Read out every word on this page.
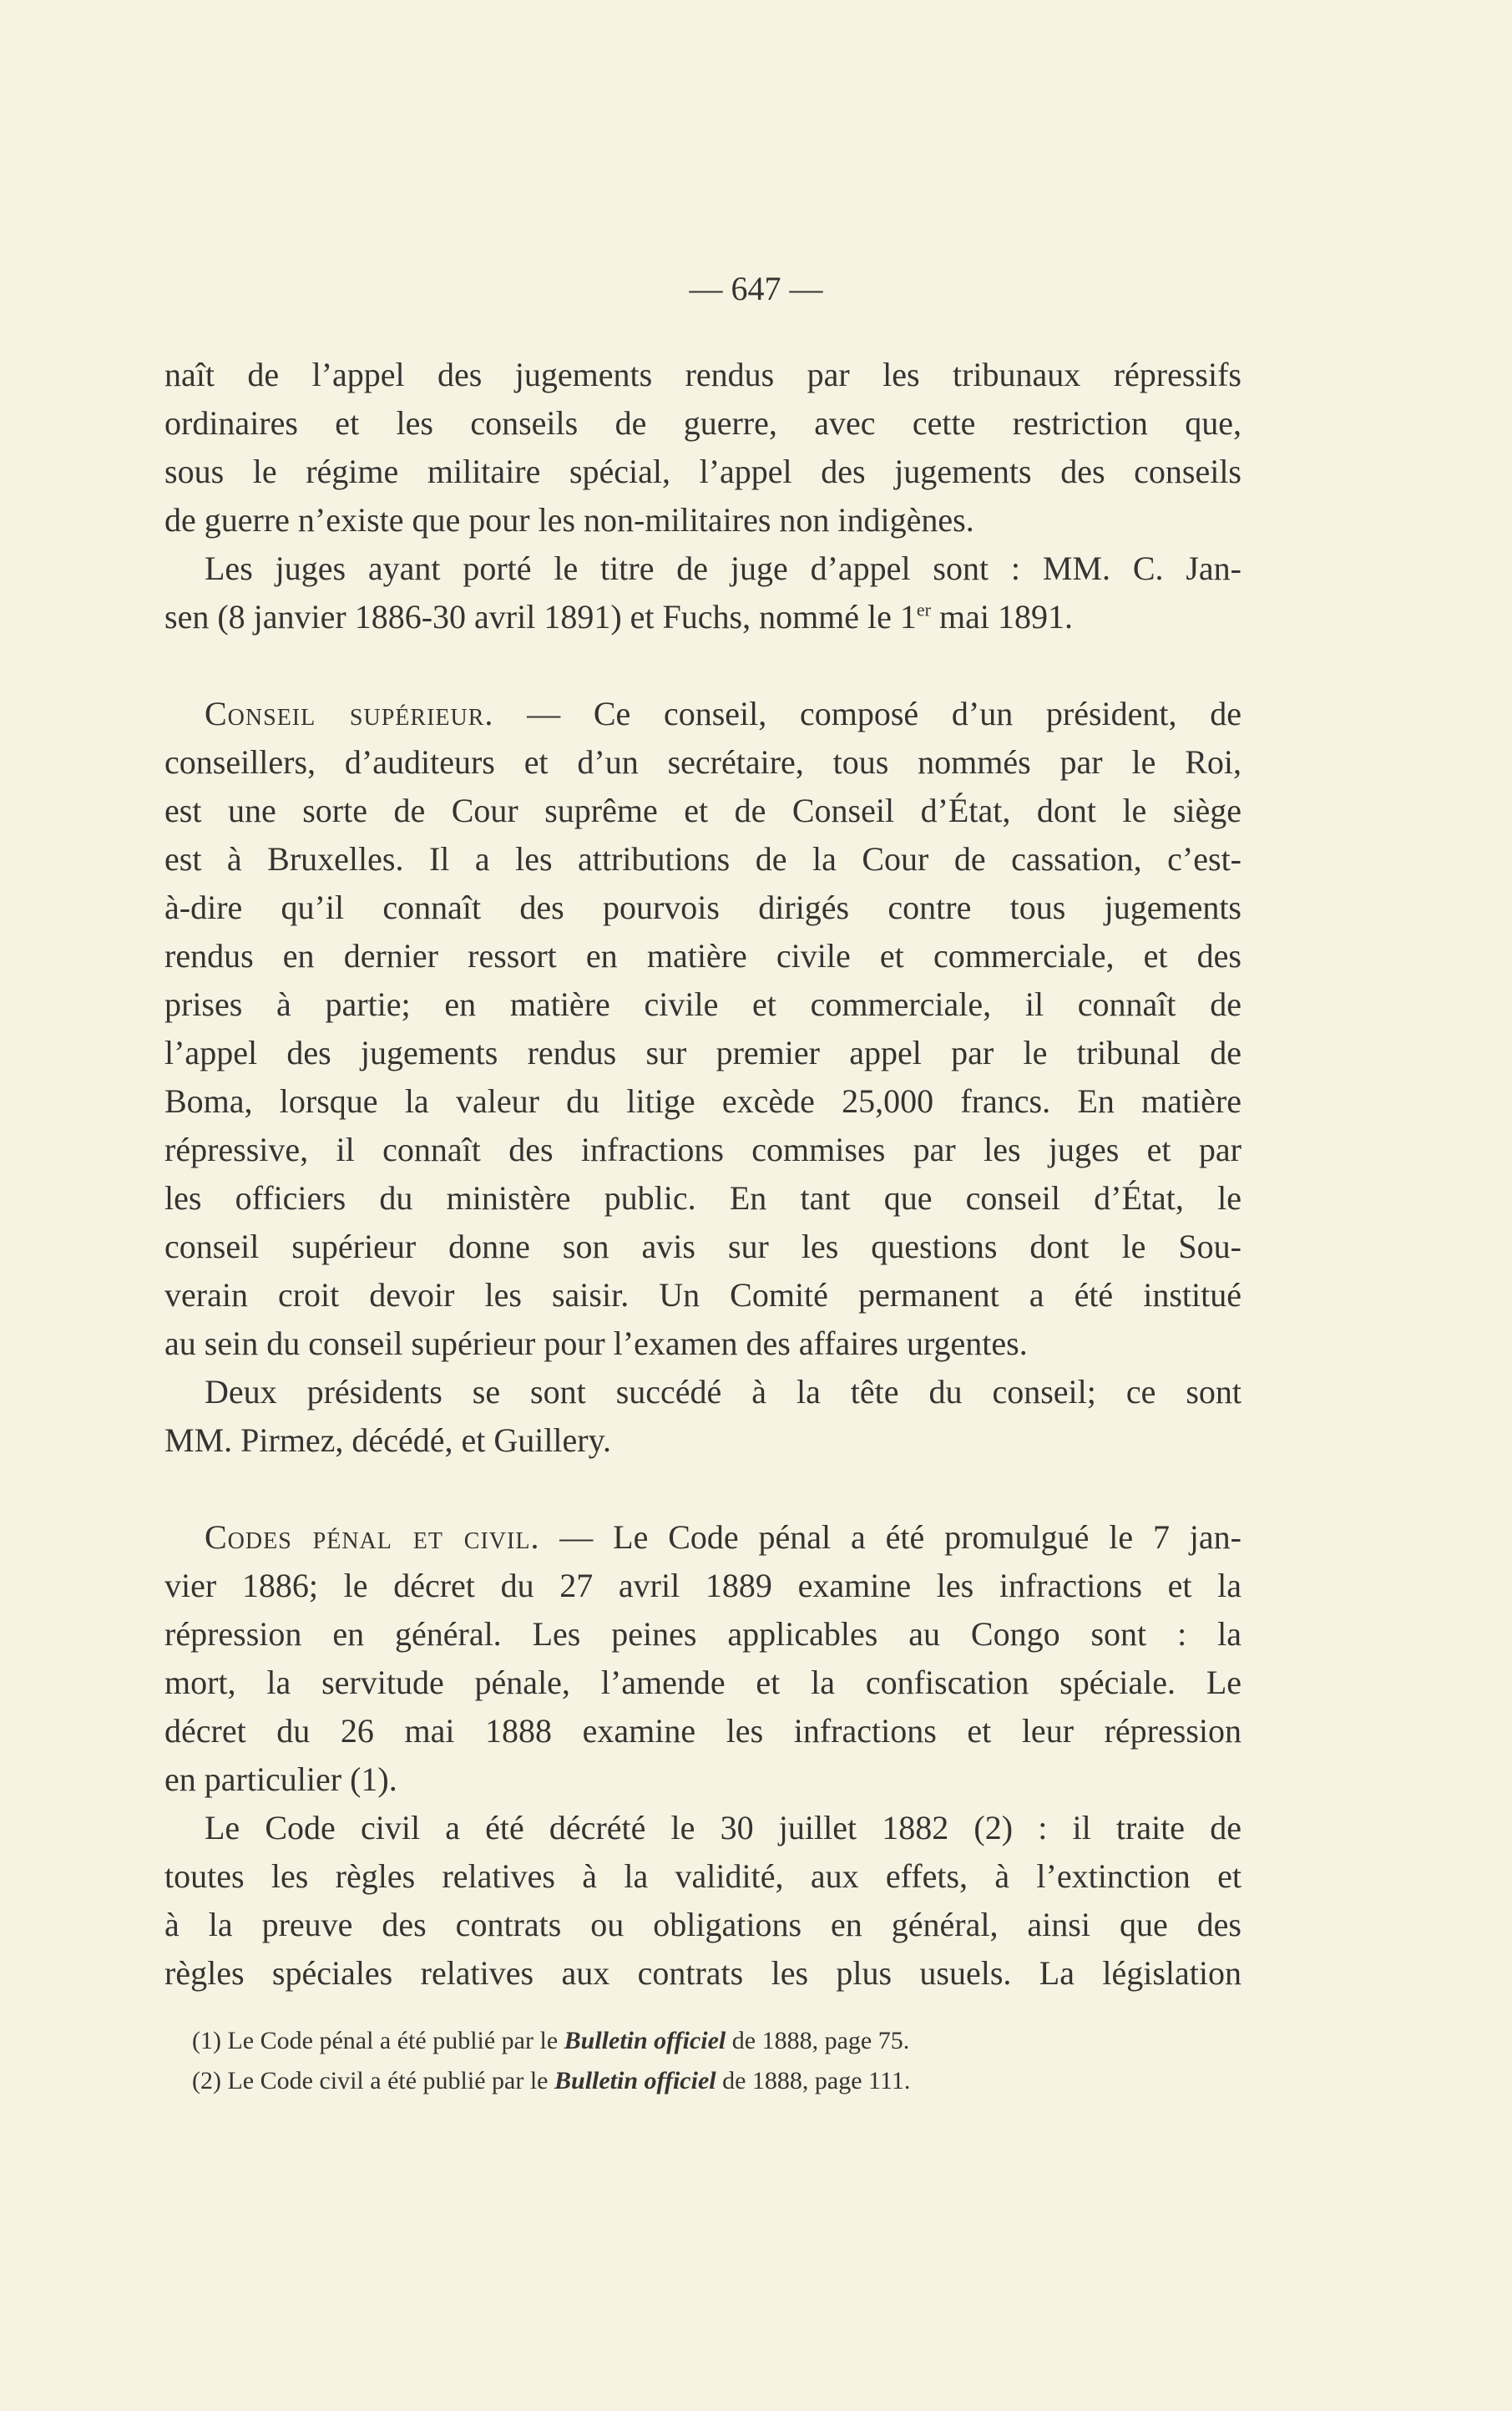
— 647 —
naît de l’appel des jugements rendus par les tribunaux répressifs
ordinaires et les conseils de guerre, avec cette restriction que,
sous le régime militaire spécial, l’appel des jugements des conseils
de guerre n’existe que pour les non-militaires non indigènes.
Les juges ayant porté le titre de juge d’appel sont : MM. C. Jan-
sen (8 janvier 1886-30 avril 1891) et Fuchs, nommé le 1er mai 1891.
Conseil supérieur. — Ce conseil, composé d’un président, de
conseillers, d’auditeurs et d’un secrétaire, tous nommés par le Roi,
est une sorte de Cour suprême et de Conseil d’État, dont le siège
est à Bruxelles. Il a les attributions de la Cour de cassation, c’est-
à-dire qu’il connaît des pourvois dirigés contre tous jugements
rendus en dernier ressort en matière civile et commerciale, et des
prises à partie; en matière civile et commerciale, il connaît de
l’appel des jugements rendus sur premier appel par le tribunal de
Boma, lorsque la valeur du litige excède 25,000 francs. En matière
répressive, il connaît des infractions commises par les juges et par
les officiers du ministère public. En tant que conseil d’État, le
conseil supérieur donne son avis sur les questions dont le Sou-
verain croit devoir les saisir. Un Comité permanent a été institué
au sein du conseil supérieur pour l’examen des affaires urgentes.
Deux présidents se sont succédé à la tête du conseil; ce sont
MM. Pirmez, décédé, et Guillery.
Codes pénal et civil. — Le Code pénal a été promulgué le 7 jan-
vier 1886; le décret du 27 avril 1889 examine les infractions et la
répression en général. Les peines applicables au Congo sont : la
mort, la servitude pénale, l’amende et la confiscation spéciale. Le
décret du 26 mai 1888 examine les infractions et leur répression
en particulier (1).
Le Code civil a été décrété le 30 juillet 1882 (2) : il traite de
toutes les règles relatives à la validité, aux effets, à l’extinction et
à la preuve des contrats ou obligations en général, ainsi que des
règles spéciales relatives aux contrats les plus usuels. La législation
(1) Le Code pénal a été publié par le Bulletin officiel de 1888, page 75.
(2) Le Code civil a été publié par le Bulletin officiel de 1888, page 111.
